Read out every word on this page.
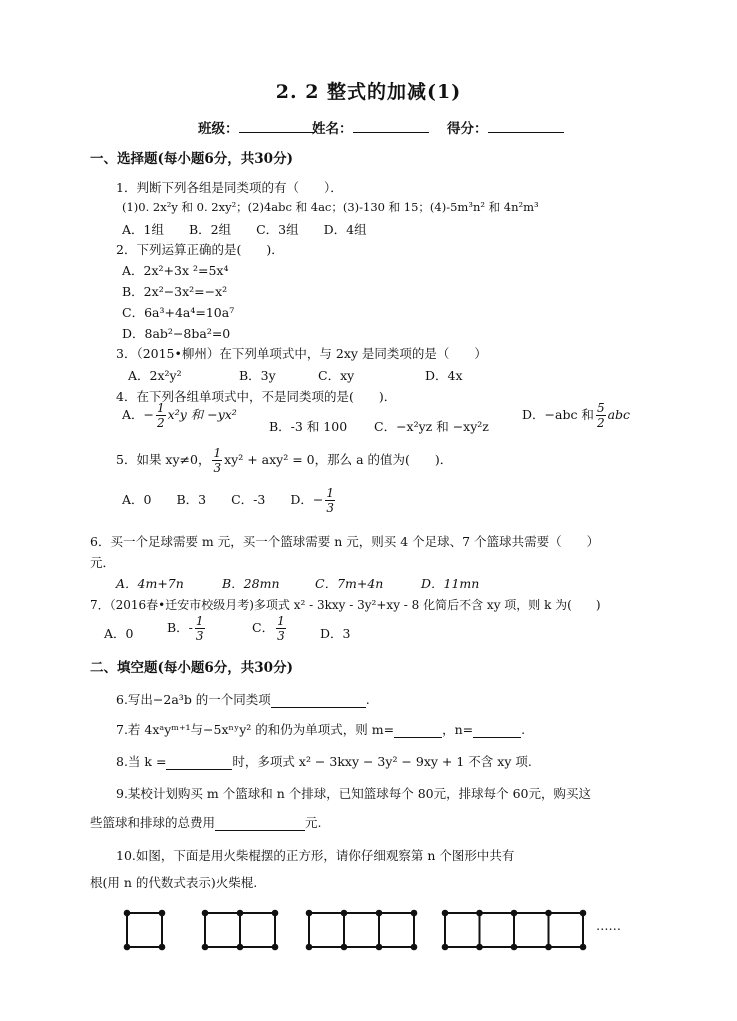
2. 2 整式的加减(1)
班级：	姓名：	得分：
一、选择题(每小题6分，共30分)
1．判断下列各组是同类项的有（　　）．
(1)0. 2x²y 和 0. 2xy²；(2)4abc 和 4ac；(3)-130 和 15；(4)-5m³n² 和 4n²m³
A．1组　　B．2组　　C．3组　　D．4组
2．下列运算正确的是(　　)．
A．2x²+3x ²=5x⁴
B．2x²−3x²=−x²
C．6a³+4a⁴=10a⁷
D．8ab²−8ba²=0
3．（2015•柳州）在下列单项式中，与 2xy 是同类项的是（　　）
A．2x²y²	B．3y	C．xy	D．4x
4．在下列各组单项式中，不是同类项的是(　　)．
A．− $\frac{1}{2} x^2y$ 和 −yx²
B．-3 和 100 C．−x²yz 和 −xy²z
D．−abc 和 $\frac{5}{2}$ abc
5．如果 xy≠0， $\frac{1}{3} xy^2 + axy^2 = 0$，那么 a 的值为(　　)．
A．0　　B．3　　C．-3　　D．− $\frac{1}{3}$
6．买一个足球需要 m 元，买一个篮球需要 n 元，则买 4 个足球、7 个篮球共需要（　　）
元．
A．4m+7n	B．28mn	C．7m+4n	D．11mn
7．（2016春•迁安市校级月考)多项式 x² - 3kxy - 3y²+xy - 8 化简后不含 xy 项，则 k 为(　　)
A．0	B．- $\frac{1}{3}$	C． $\frac{1}{3}$	D．3
二、填空题(每小题6分，共30分)
6.写出−2a³b 的一个同类项	.
7.若 4xᵃyᵐ⁺¹与−5xⁿʸy² 的和仍为单项式，则 m=	，n=	.
8.当 k =	时，多项式 x² − 3kxy − 3y² − 9xy + 1 不含 xy 项.
9.某校计划购买 m 个篮球和 n 个排球，已知篮球每个 80元，排球每个 60元，购买这
些篮球和排球的总费用	元.
10.如图，下面是用火柴棍摆的正方形，请你仔细观察第 n 个图形中共有
根(用 n 的代数式表示)火柴棍.
……
